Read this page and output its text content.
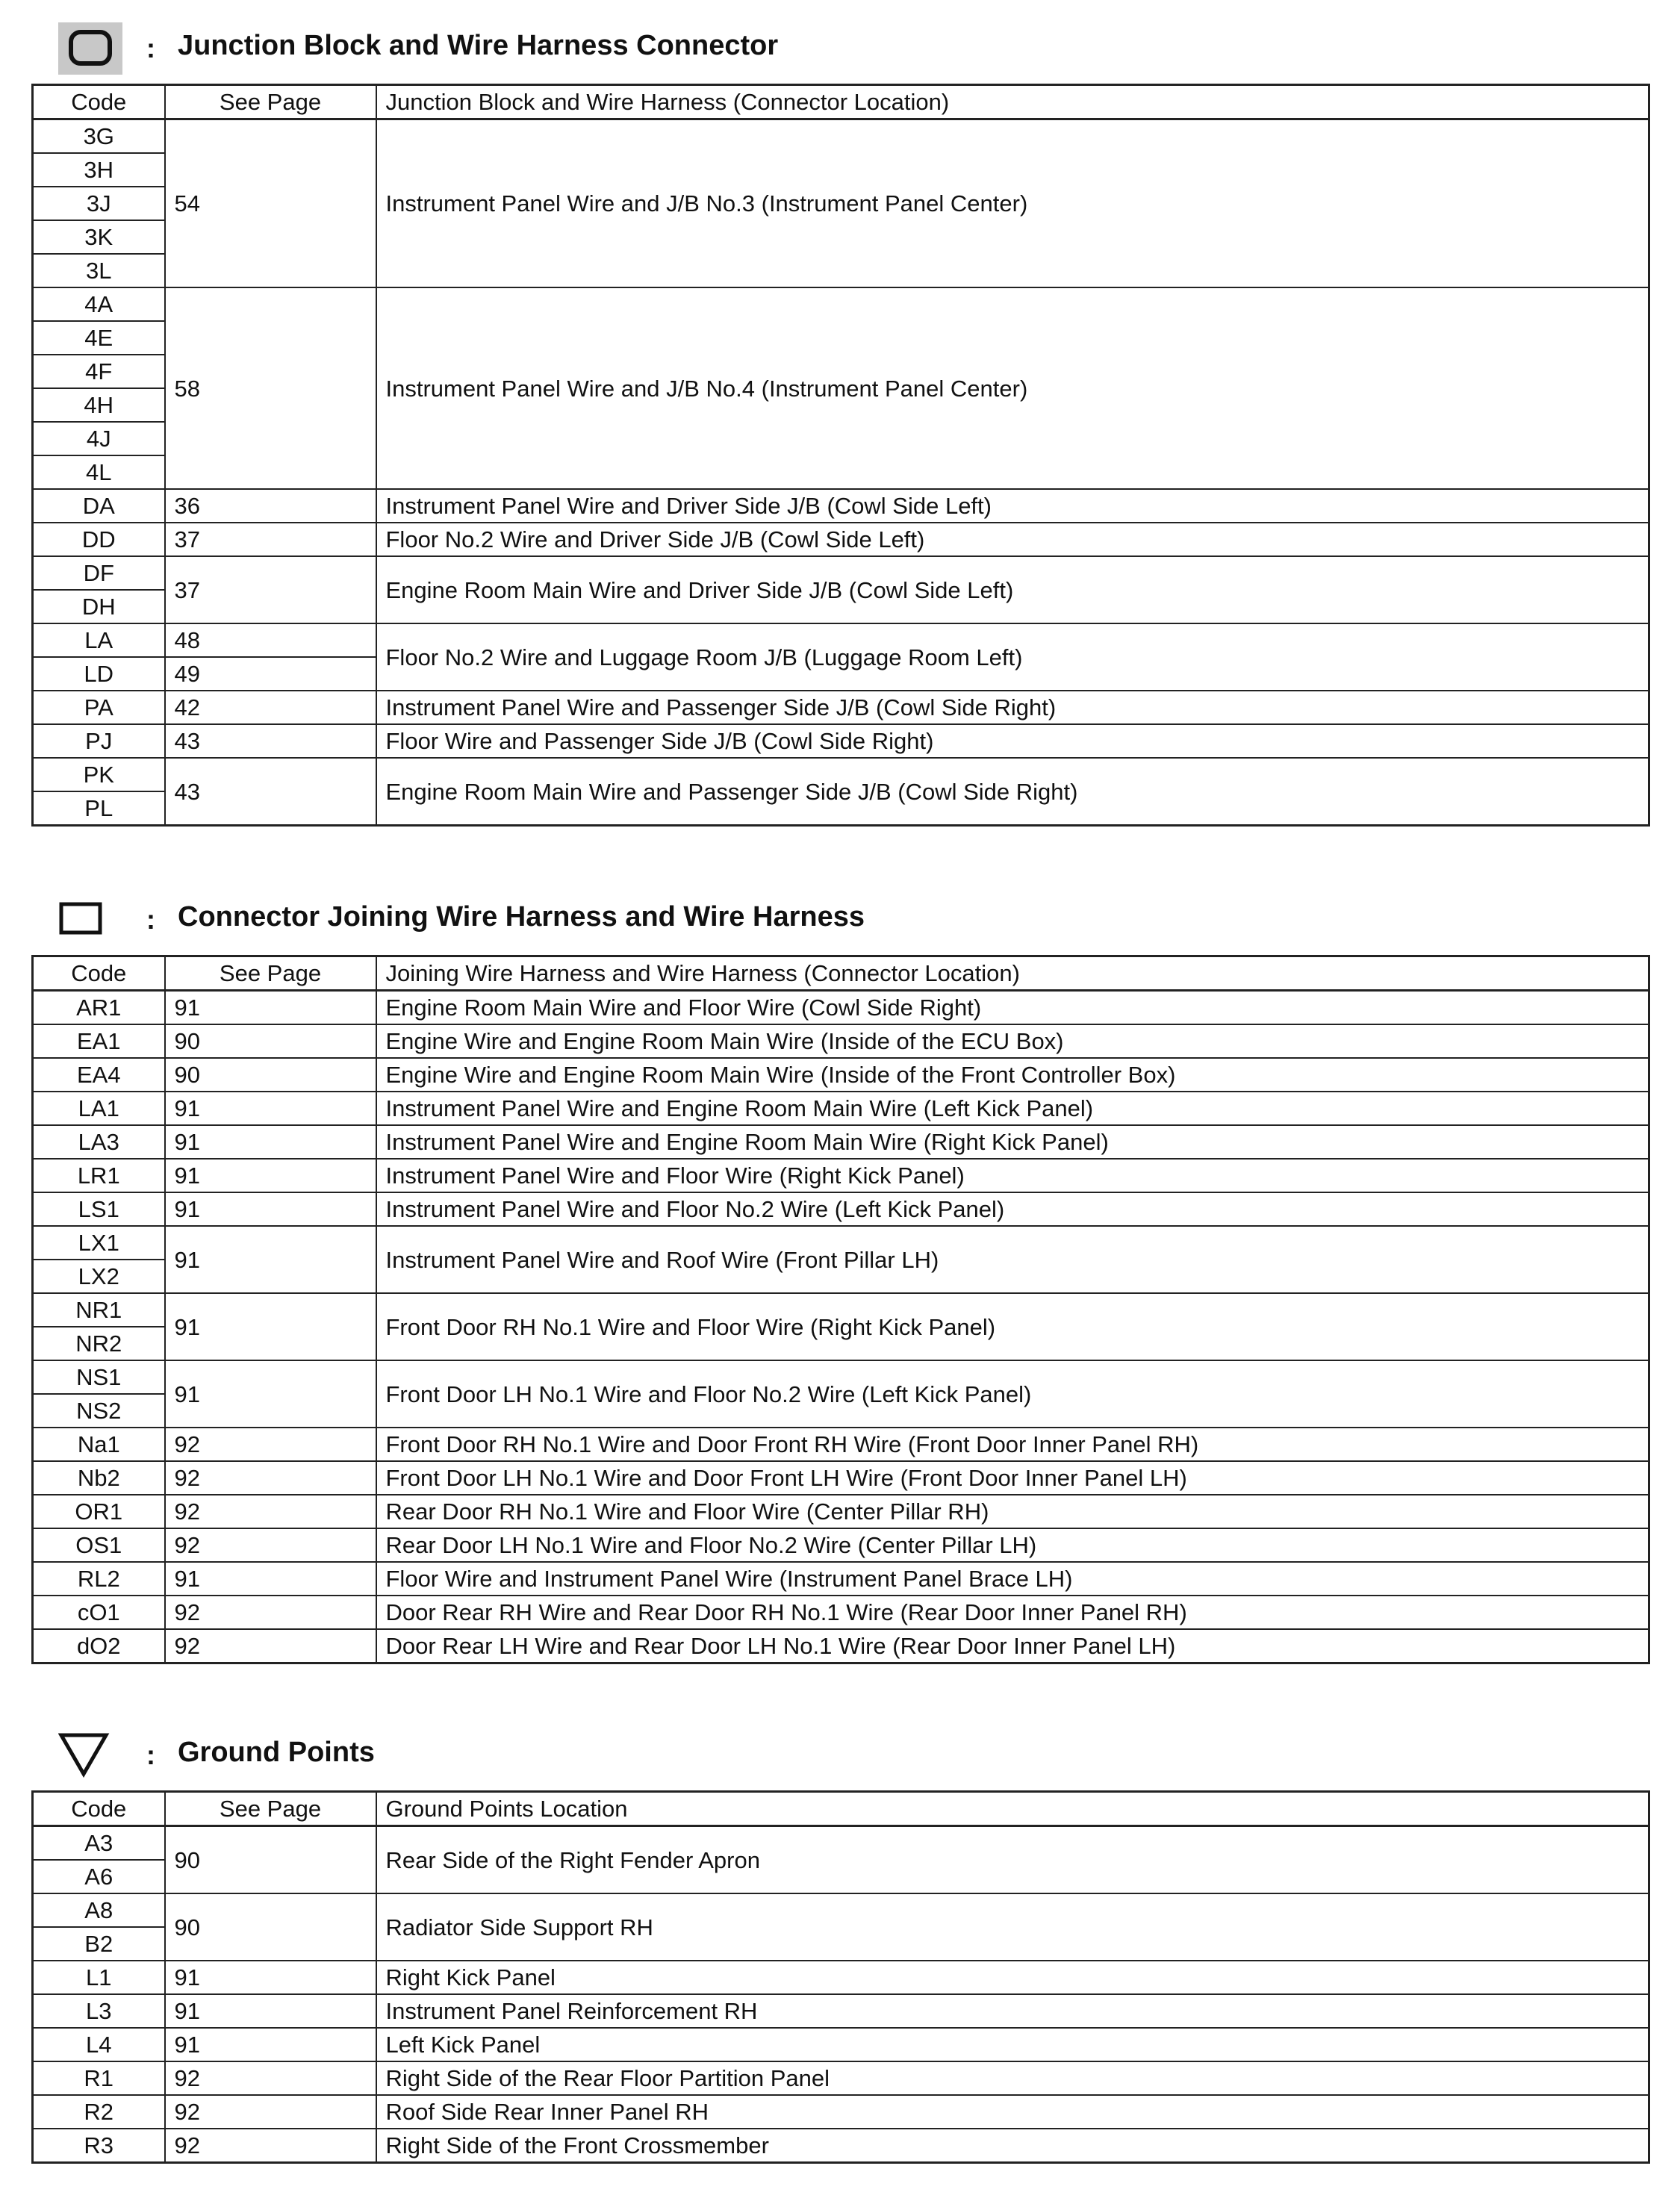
: Junction Block and Wire Harness Connector
Code	See Page	Junction Block and Wire Harness (Connector Location)
3G	54	Instrument Panel Wire and J/B No.3 (Instrument Panel Center)
3H		
3J		
3K		
3L		
4A	58	Instrument Panel Wire and J/B No.4 (Instrument Panel Center)
4E		
4F		
4H		
4J		
4L		
DA	36	Instrument Panel Wire and Driver Side J/B (Cowl Side Left)
DD	37	Floor No.2 Wire and Driver Side J/B (Cowl Side Left)
DF	37	Engine Room Main Wire and Driver Side J/B (Cowl Side Left)
DH		
LA	48	Floor No.2 Wire and Luggage Room J/B (Luggage Room Left)
LD	49	
PA	42	Instrument Panel Wire and Passenger Side J/B (Cowl Side Right)
PJ	43	Floor Wire and Passenger Side J/B (Cowl Side Right)
PK	43	Engine Room Main Wire and Passenger Side J/B (Cowl Side Right)
PL		
: Connector Joining Wire Harness and Wire Harness
Code	See Page	Joining Wire Harness and Wire Harness (Connector Location)
AR1	91	Engine Room Main Wire and Floor Wire (Cowl Side Right)
EA1	90	Engine Wire and Engine Room Main Wire (Inside of the ECU Box)
EA4	90	Engine Wire and Engine Room Main Wire (Inside of the Front Controller Box)
LA1	91	Instrument Panel Wire and Engine Room Main Wire (Left Kick Panel)
LA3	91	Instrument Panel Wire and Engine Room Main Wire (Right Kick Panel)
LR1	91	Instrument Panel Wire and Floor Wire (Right Kick Panel)
LS1	91	Instrument Panel Wire and Floor No.2 Wire (Left Kick Panel)
LX1	91	Instrument Panel Wire and Roof Wire (Front Pillar LH)
LX2		
NR1	91	Front Door RH No.1 Wire and Floor Wire (Right Kick Panel)
NR2		
NS1	91	Front Door LH No.1 Wire and Floor No.2 Wire (Left Kick Panel)
NS2		
Na1	92	Front Door RH No.1 Wire and Door Front RH Wire (Front Door Inner Panel RH)
Nb2	92	Front Door LH No.1 Wire and Door Front LH Wire (Front Door Inner Panel LH)
OR1	92	Rear Door RH No.1 Wire and Floor Wire (Center Pillar RH)
OS1	92	Rear Door LH No.1 Wire and Floor No.2 Wire (Center Pillar LH)
RL2	91	Floor Wire and Instrument Panel Wire (Instrument Panel Brace LH)
cO1	92	Door Rear RH Wire and Rear Door RH No.1 Wire (Rear Door Inner Panel RH)
dO2	92	Door Rear LH Wire and Rear Door LH No.1 Wire (Rear Door Inner Panel LH)
: Ground Points
Code	See Page	Ground Points Location
A3	90	Rear Side of the Right Fender Apron
A6		
A8	90	Radiator Side Support RH
B2		
L1	91	Right Kick Panel
L3	91	Instrument Panel Reinforcement RH
L4	91	Left Kick Panel
R1	92	Right Side of the Rear Floor Partition Panel
R2	92	Roof Side Rear Inner Panel RH
R3	92	Right Side of the Front Crossmember
